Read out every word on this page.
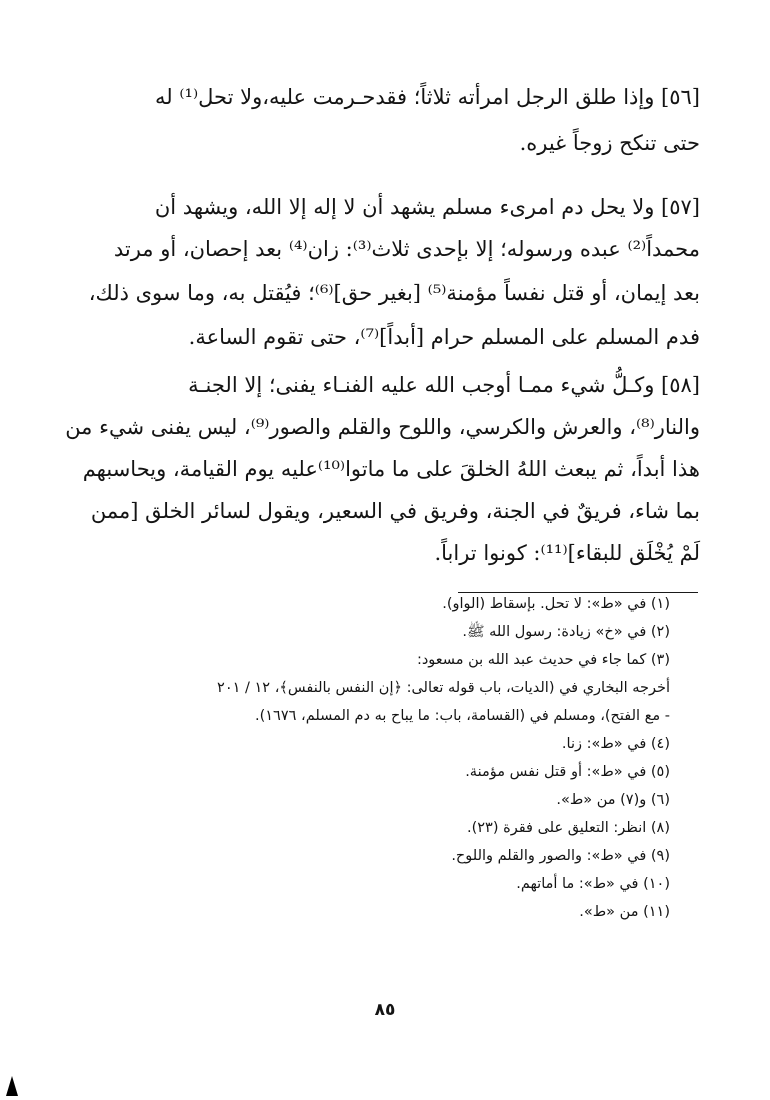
[٥٦] وإذا طلق الرجل امرأته ثلاثاً؛ فقدحـرمت عليه،ولا تحل⁽¹⁾ له
حتى تنكح زوجاً غيره.
[٥٧] ولا يحل دم امرىء مسلم يشهد أن لا إله إلا الله، ويشهد أن
محمداً⁽²⁾ عبده ورسوله؛ إلا بإحدى ثلاث⁽³⁾: زان⁽⁴⁾ بعد إحصان، أو مرتد
بعد إيمان، أو قتل نفساً مؤمنة⁽⁵⁾ [بغير حق]⁽⁶⁾؛ فيُقتل به، وما سوى ذلك،
فدم المسلم على المسلم حرام [أبداً]⁽⁷⁾، حتى تقوم الساعة.
[٥٨] وكـلُّ شيء ممـا أوجب الله عليه الفنـاء يفنى؛ إلا الجنـة
والنار⁽⁸⁾، والعرش والكرسي، واللوح والقلم والصور⁽⁹⁾، ليس يفنى شيء من
هذا أبداً، ثم يبعث اللهُ الخلقَ على ما ماتوا⁽¹⁰⁾عليه يوم القيامة، ويحاسبهم
بما شاء، فريقٌ في الجنة، وفريق في السعير، ويقول لسائر الخلق [ممن
لَمْ يُخْلَق للبقاء]⁽¹¹⁾: كونوا تراباً.
(١) في «ط»: لا تحل. بإسقاط (الواو).
(٢) في «خ» زيادة: رسول الله ﷺ.
(٣) كما جاء في حديث عبد الله بن مسعود:
أخرجه البخاري في (الديات، باب قوله تعالى: ﴿إن النفس بالنفس﴾، ١٢ / ٢٠١
- مع الفتح)، ومسلم في (القسامة، باب: ما يباح به دم المسلم، ١٦٧٦).
(٤) في «ط»: زنا.
(٥) في «ط»: أو قتل نفس مؤمنة.
(٦) و(٧) من «ط».
(٨) انظر: التعليق على فقرة (٢٣).
(٩) في «ط»: والصور والقلم واللوح.
(١٠) في «ط»: ما أماتهم.
(١١) من «ط».
٨٥
